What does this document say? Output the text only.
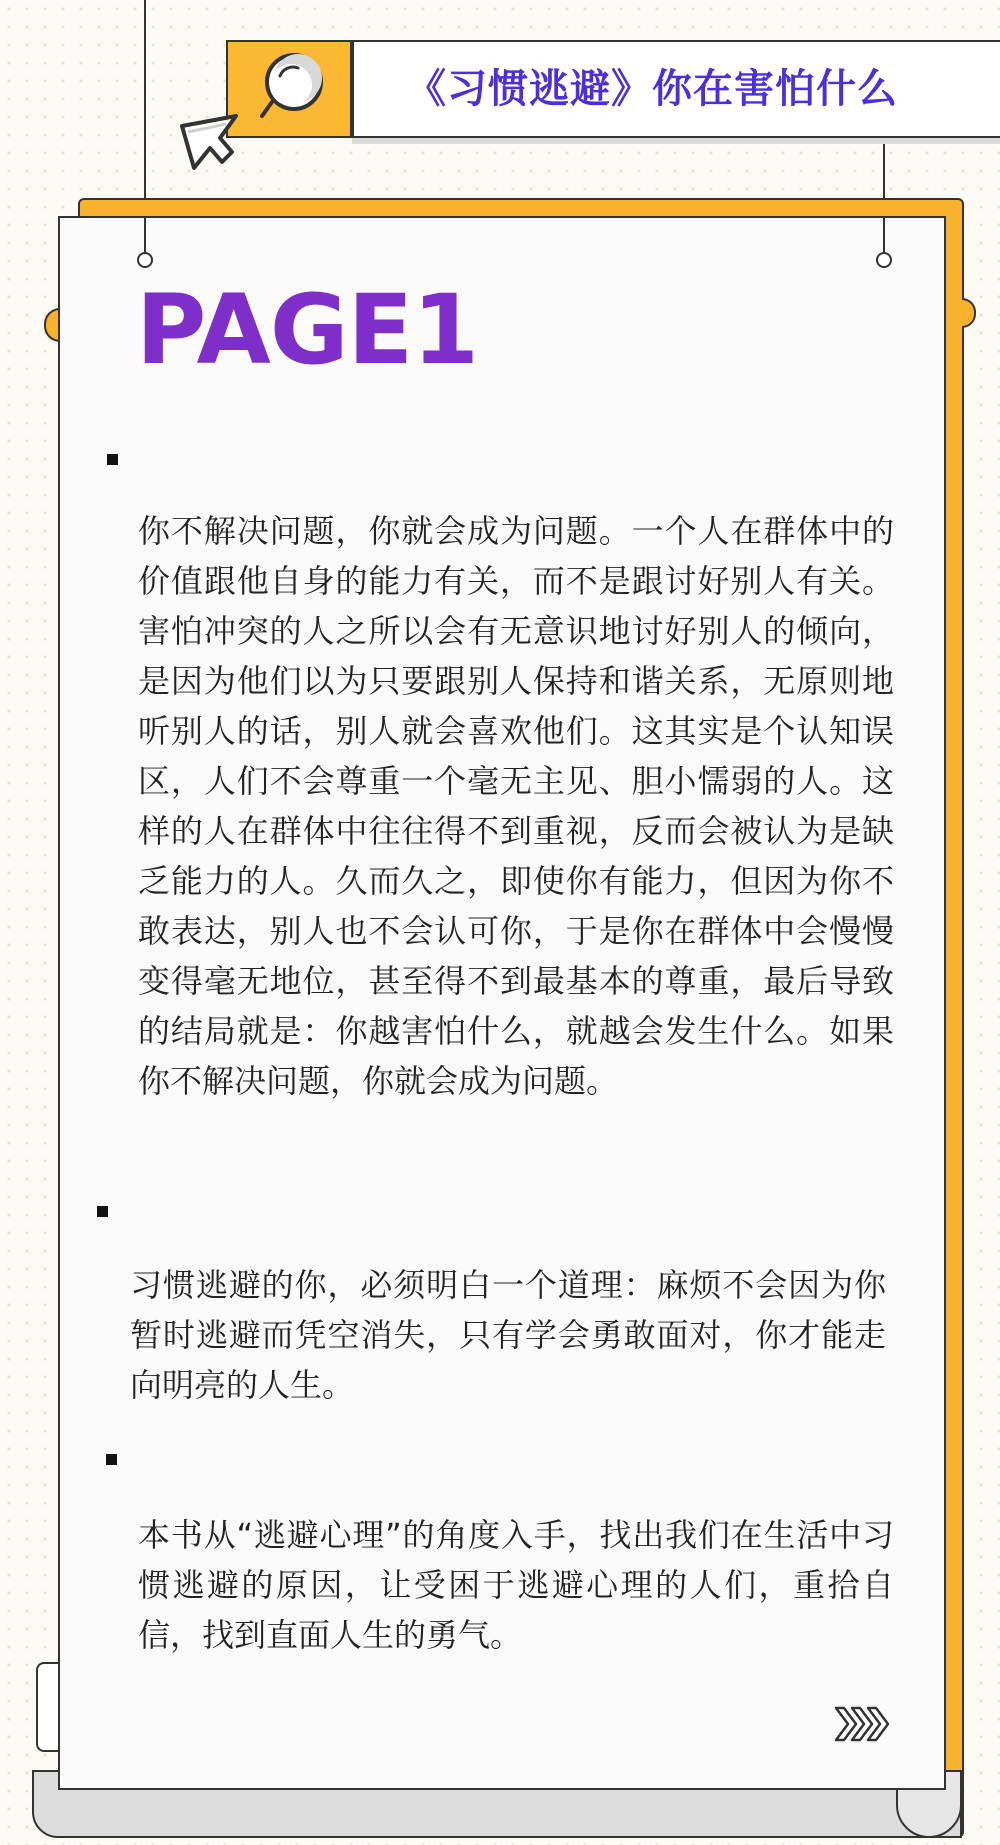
《习惯逃避》你在害怕什么
PAGE1

你不解决问题，你就会成为问题。一个人在群体中的价值跟他自身的能力有关，而不是跟讨好别人有关。害怕冲突的人之所以会有无意识地讨好别人的倾向，是因为他们以为只要跟别人保持和谐关系，无原则地听别人的话，别人就会喜欢他们。这其实是个认知误区，人们不会尊重一个毫无主见、胆小懦弱的人。这样的人在群体中往往得不到重视，反而会被认为是缺乏能力的人。久而久之，即使你有能力，但因为你不敢表达，别人也不会认可你，于是你在群体中会慢慢变得毫无地位，甚至得不到最基本的尊重，最后导致的结局就是：你越害怕什么，就越会发生什么。如果你不解决问题，你就会成为问题。

习惯逃避的你，必须明白一个道理：麻烦不会因为你暂时逃避而凭空消失，只有学会勇敢面对，你才能走向明亮的人生。

本书从“逃避心理”的角度入手，找出我们在生活中习惯逃避的原因，让受困于逃避心理的人们，重拾自信，找到直面人生的勇气。
